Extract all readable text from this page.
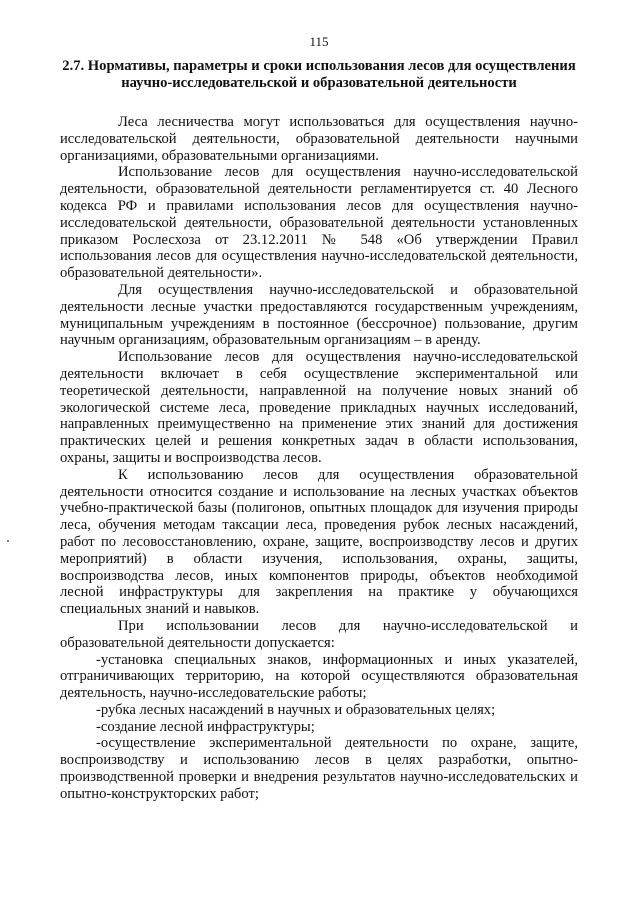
115
2.7. Нормативы, параметры и сроки использования лесов для осуществления научно-исследовательской и образовательной деятельности

Леса лесничества могут использоваться для осуществления научно-исследовательской деятельности, образовательной деятельности научными организациями, образовательными организациями.

Использование лесов для осуществления научно-исследовательской деятельности, образовательной деятельности регламентируется ст. 40 Лесного кодекса РФ и правилами использования лесов для осуществления научно-исследовательской деятельности, образовательной деятельности установленных приказом Рослесхоза от 23.12.2011 № 548 «Об утверждении Правил использования лесов для осуществления научно-исследовательской деятельности, образовательной деятельности».

Для осуществления научно-исследовательской и образовательной деятельности лесные участки предоставляются государственным учреждениям, муниципальным учреждениям в постоянное (бессрочное) пользование, другим научным организациям, образовательным организациям – в аренду.

Использование лесов для осуществления научно-исследовательской деятельности включает в себя осуществление экспериментальной или теоретической деятельности, направленной на получение новых знаний об экологической системе леса, проведение прикладных научных исследований, направленных преимущественно на применение этих знаний для достижения практических целей и решения конкретных задач в области использования, охраны, защиты и воспроизводства лесов.

К использованию лесов для осуществления образовательной деятельности относится создание и использование на лесных участках объектов учебно-практической базы (полигонов, опытных площадок для изучения природы леса, обучения методам таксации леса, проведения рубок лесных насаждений, работ по лесовосстановлению, охране, защите, воспроизводству лесов и других мероприятий) в области изучения, использования, охраны, защиты, воспроизводства лесов, иных компонентов природы, объектов необходимой лесной инфраструктуры для закрепления на практике у обучающихся специальных знаний и навыков.

При использовании лесов для научно-исследовательской и образовательной деятельности допускается:

-установка специальных знаков, информационных и иных указателей, отграничивающих территорию, на которой осуществляются образовательная деятельность, научно-исследовательские работы;

-рубка лесных насаждений в научных и образовательных целях;

-создание лесной инфраструктуры;

-осуществление экспериментальной деятельности по охране, защите, воспроизводству и использованию лесов в целях разработки, опытно-производственной проверки и внедрения результатов научно-исследовательских и опытно-конструкторских работ;
